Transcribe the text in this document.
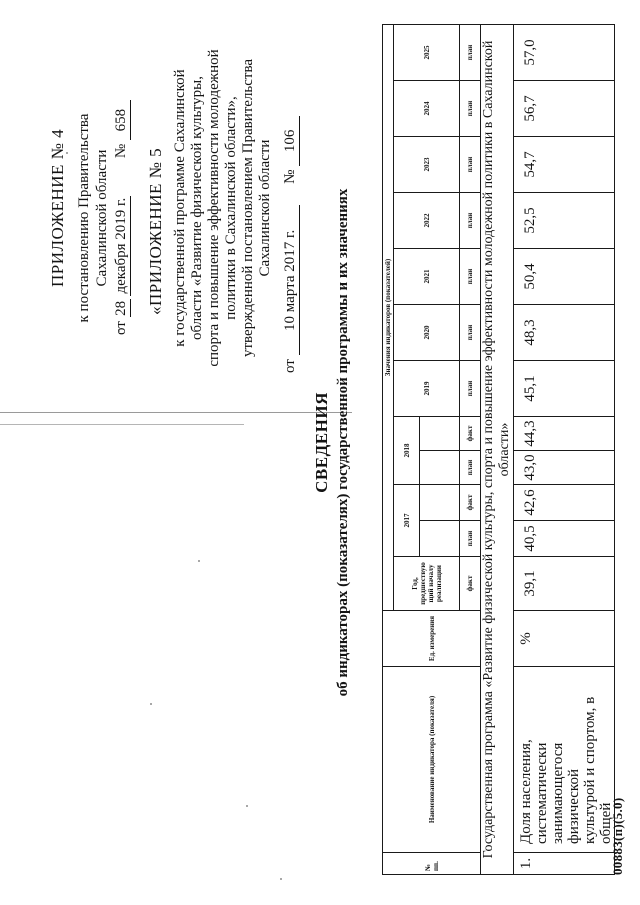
ПРИЛОЖЕНИЕ № 4 к постановлению Правительства Сахалинской области
от 28 декабря 2019 г.  № 658
«ПРИЛОЖЕНИЕ № 5 к государственной программе Сахалинской области «Развитие физической культуры, спорта и повышение эффективности молодежной политики в Сахалинской области», утвержденной постановлением Правительства Сахалинской области
от 10 марта 2017 г.  № 106
СВЕДЕНИЯ об индикаторах (показателях) государственной программы и их значениях
№ пп.	Наименование индикатора (показателя)	Ед. измерения	Значения индикаторов (показателей)											
			Год, предшествую щий началу реализации	2017		2018		2019	2020	2021	2022	2023	2024	2025

			факт	план	факт	план	факт	план	план	план	план	план	план	план
Государственная программа «Развитие физической культуры, спорта и повышение эффективности молодежной политики в Сахалинской области»														
1.	Доля населения, систематически занимающегося физической культурой и спортом, в общей	%	39,1	40,5	42,6	43,0	44,3	45,1	48,3	50,4	52,5	54,7	56,7	57,0
00883(п)(5.0)
